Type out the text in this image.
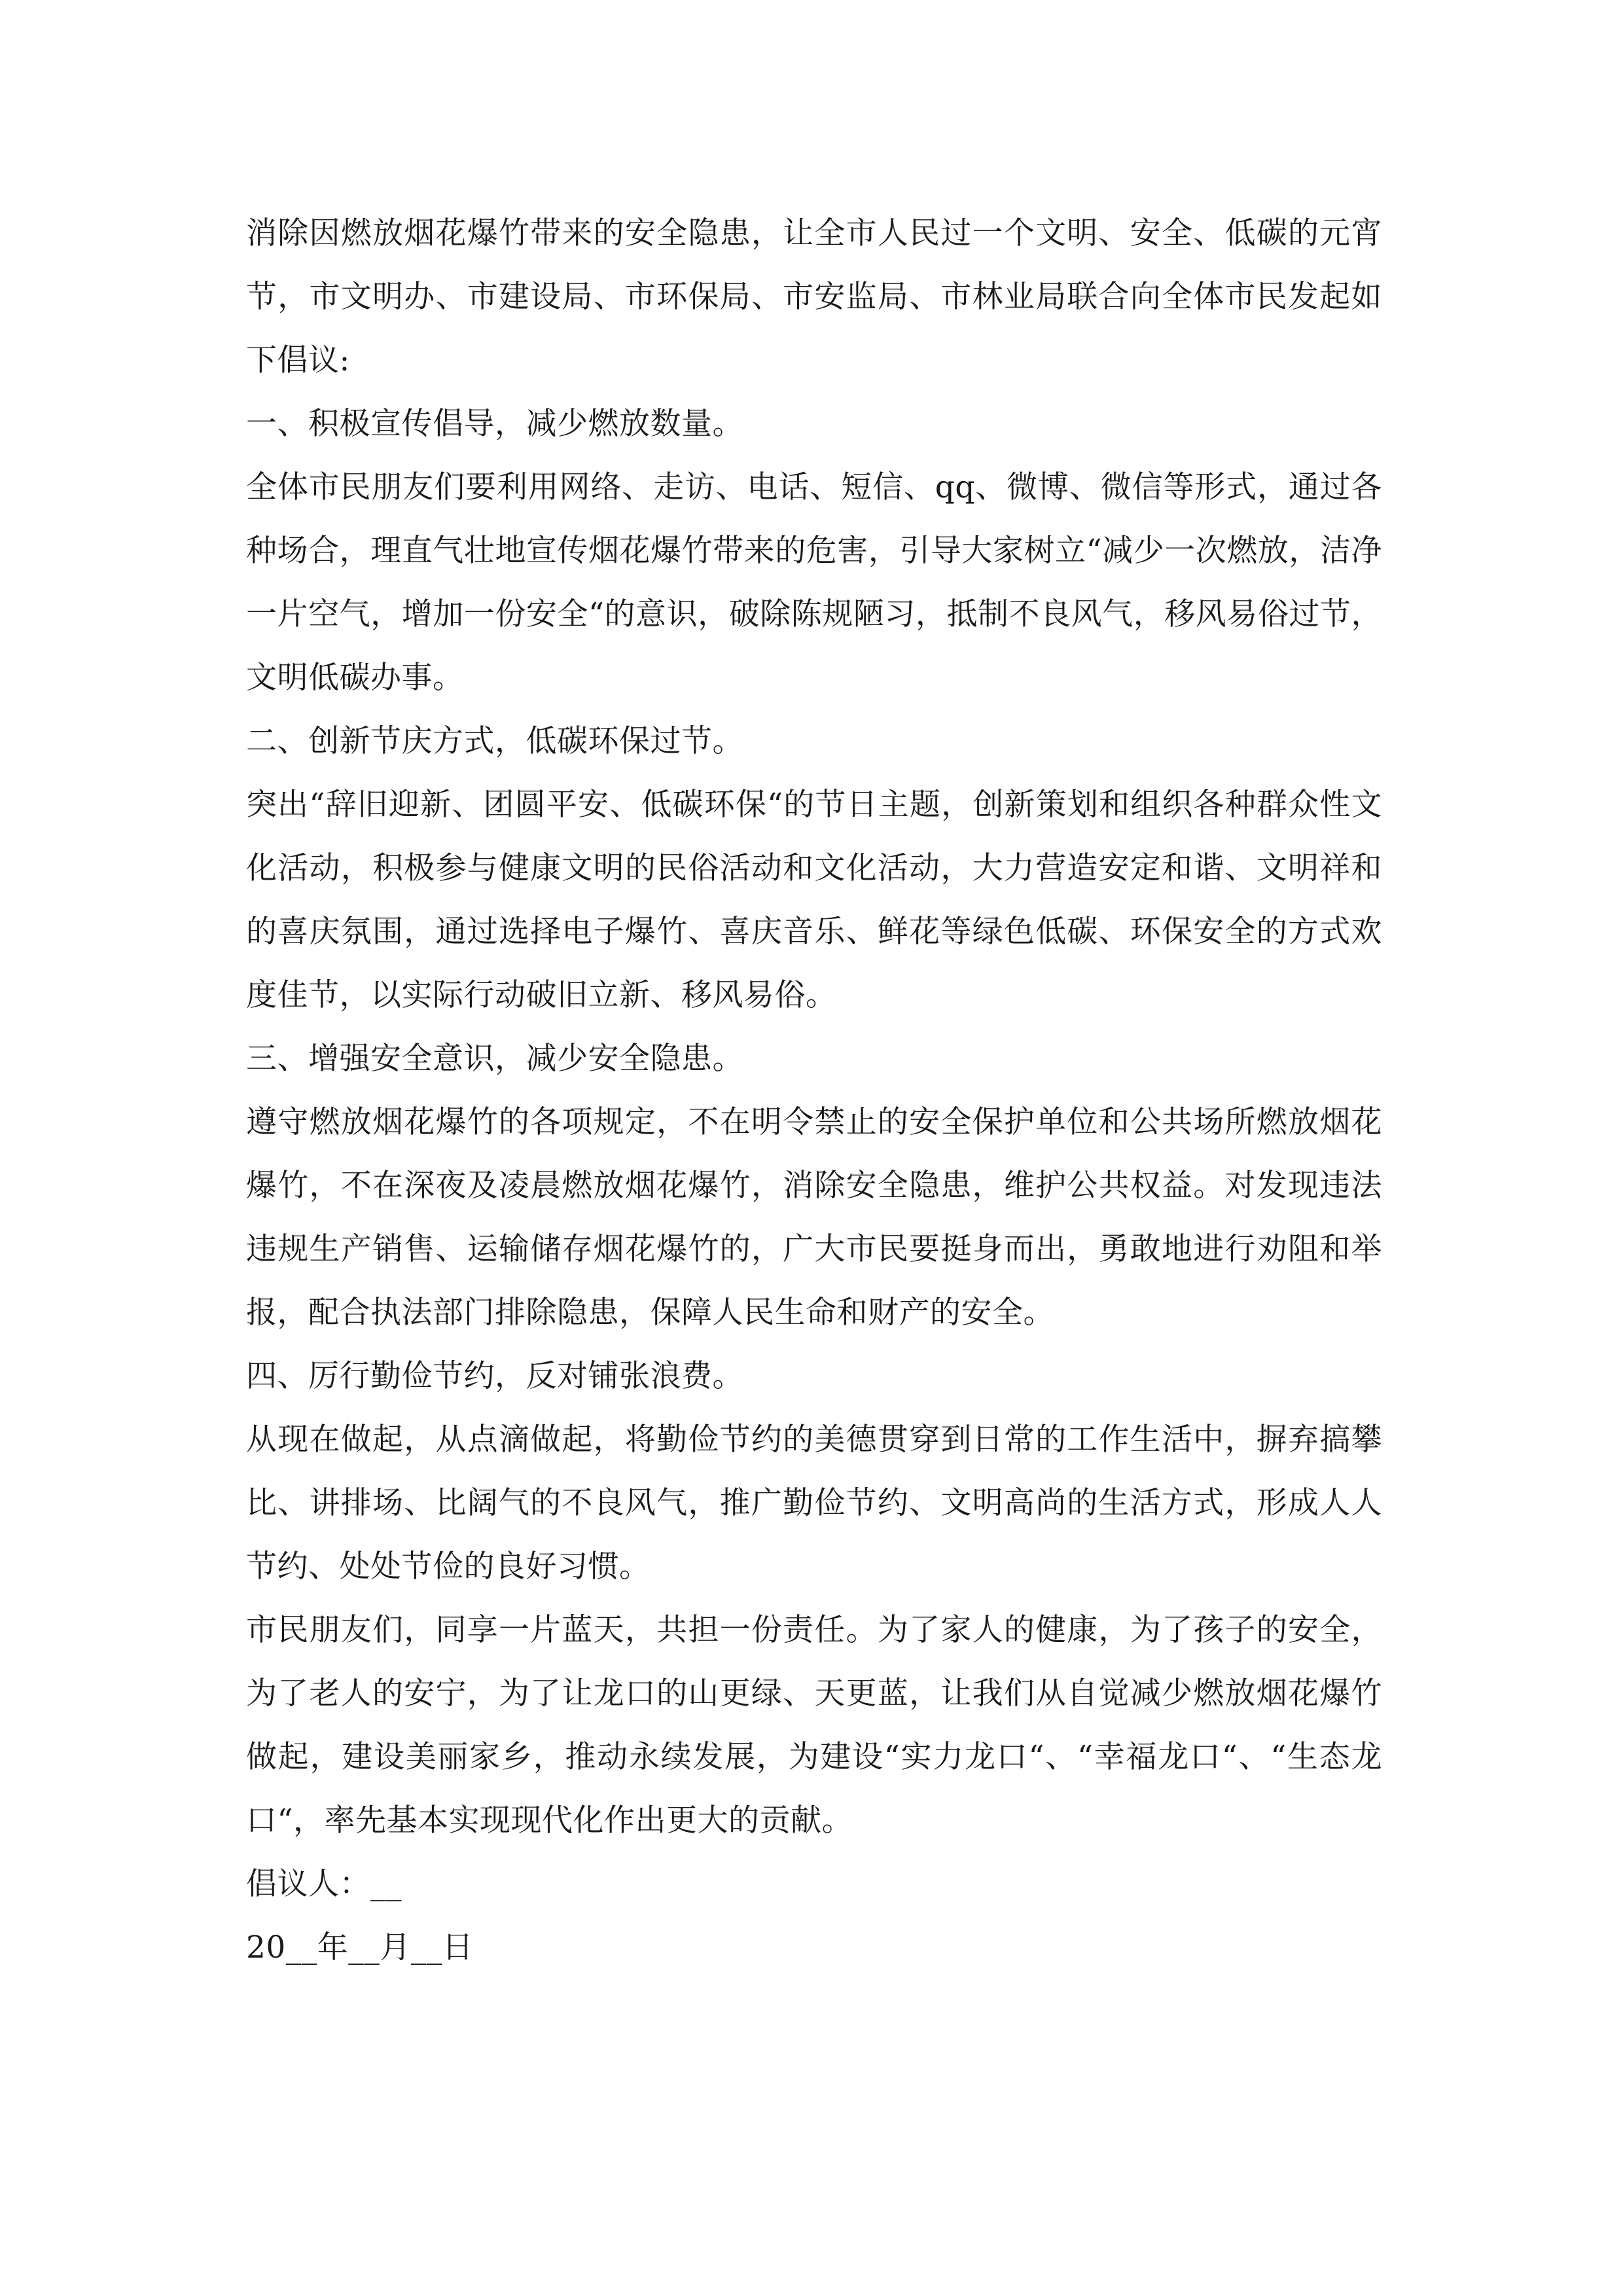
消除因燃放烟花爆竹带来的安全隐患，让全市人民过一个文明、安全、低碳的元宵节，市文明办、市建设局、市环保局、市安监局、市林业局联合向全体市民发起如下倡议:

一、积极宣传倡导，减少燃放数量。

全体市民朋友们要利用网络、走访、电话、短信、qq、微博、微信等形式，通过各种场合，理直气壮地宣传烟花爆竹带来的危害，引导大家树立“减少一次燃放，洁净一片空气，增加一份安全“的意识，破除陈规陋习，抵制不良风气，移风易俗过节，文明低碳办事。

二、创新节庆方式，低碳环保过节。

突出“辞旧迎新、团圆平安、低碳环保“的节日主题，创新策划和组织各种群众性文化活动，积极参与健康文明的民俗活动和文化活动，大力营造安定和谐、文明祥和的喜庆氛围，通过选择电子爆竹、喜庆音乐、鲜花等绿色低碳、环保安全的方式欢度佳节，以实际行动破旧立新、移风易俗。

三、增强安全意识，减少安全隐患。

遵守燃放烟花爆竹的各项规定，不在明令禁止的安全保护单位和公共场所燃放烟花爆竹，不在深夜及凌晨燃放烟花爆竹，消除安全隐患，维护公共权益。对发现违法违规生产销售、运输储存烟花爆竹的，广大市民要挺身而出，勇敢地进行劝阻和举报，配合执法部门排除隐患，保障人民生命和财产的安全。

四、厉行勤俭节约，反对铺张浪费。

从现在做起，从点滴做起，将勤俭节约的美德贯穿到日常的工作生活中，摒弃搞攀比、讲排场、比阔气的不良风气，推广勤俭节约、文明高尚的生活方式，形成人人节约、处处节俭的良好习惯。

市民朋友们，同享一片蓝天，共担一份责任。为了家人的健康，为了孩子的安全，为了老人的安宁，为了让龙口的山更绿、天更蓝，让我们从自觉减少燃放烟花爆竹做起，建设美丽家乡，推动永续发展，为建设“实力龙口“、“幸福龙口“、“生态龙口“，率先基本实现现代化作出更大的贡献。

倡议人：__

20__年__月__日
